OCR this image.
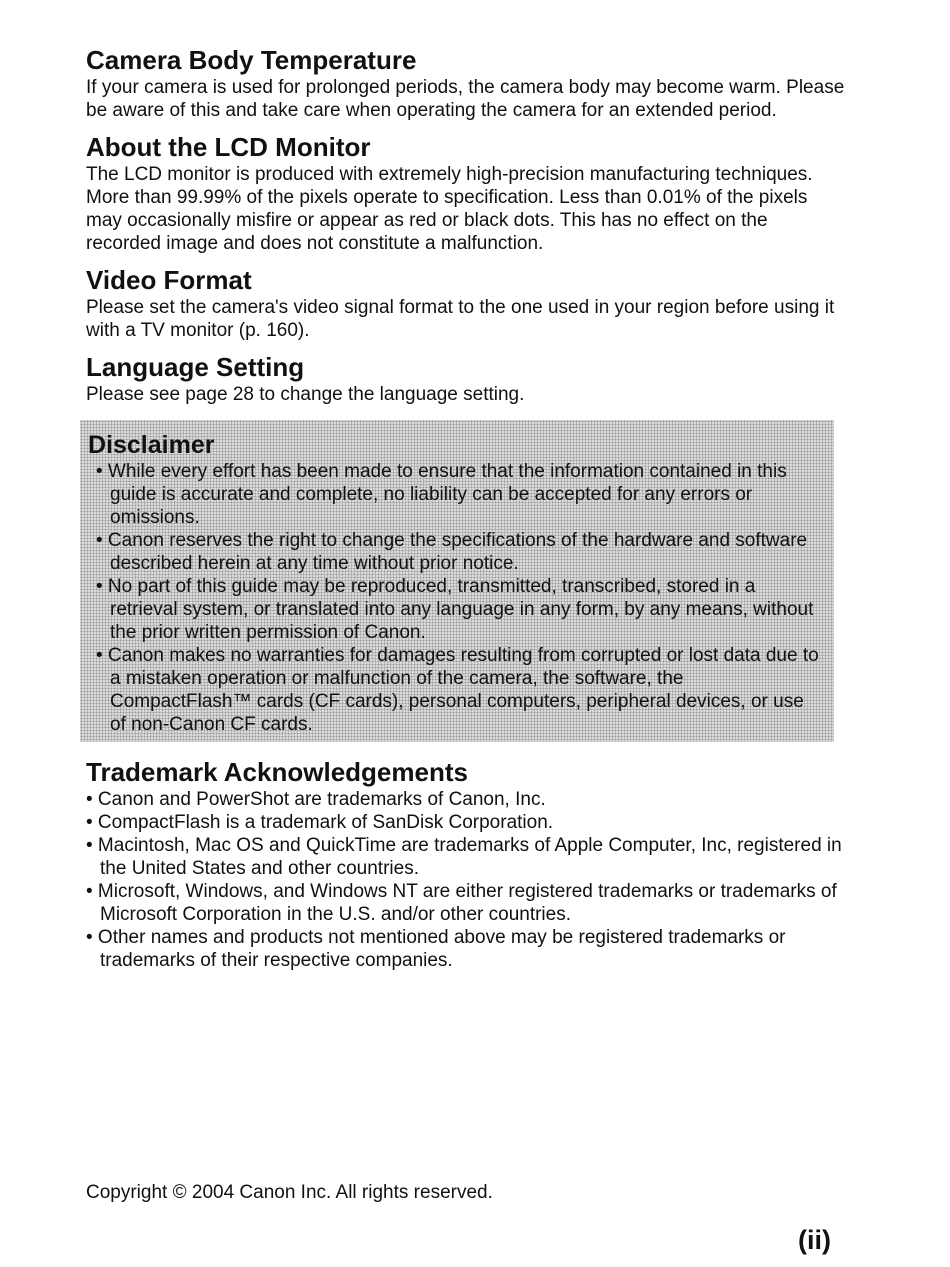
Camera Body Temperature

If your camera is used for prolonged periods, the camera body may become warm. Please be aware of this and take care when operating the camera for an extended period.

About the LCD Monitor

The LCD monitor is produced with extremely high-precision manufacturing techniques. More than 99.99% of the pixels operate to specification. Less than 0.01% of the pixels may occasionally misfire or appear as red or black dots. This has no effect on the recorded image and does not constitute a malfunction.

Video Format

Please set the camera's video signal format to the one used in your region before using it with a TV monitor (p. 160).

Language Setting

Please see page 28 to change the language setting.

Disclaimer
• While every effort has been made to ensure that the information contained in this guide is accurate and complete, no liability can be accepted for any errors or omissions.
• Canon reserves the right to change the specifications of the hardware and software described herein at any time without prior notice.
• No part of this guide may be reproduced, transmitted, transcribed, stored in a retrieval system, or translated into any language in any form, by any means, without the prior written permission of Canon.
• Canon makes no warranties for damages resulting from corrupted or lost data due to a mistaken operation or malfunction of the camera, the software, the CompactFlash™ cards (CF cards), personal computers, peripheral devices, or use of non-Canon CF cards.
Trademark Acknowledgements
• Canon and PowerShot are trademarks of Canon, Inc.
• CompactFlash is a trademark of SanDisk Corporation.
• Macintosh, Mac OS and QuickTime are trademarks of Apple Computer, Inc, registered in the United States and other countries.
• Microsoft, Windows, and Windows NT are either registered trademarks or trademarks of Microsoft Corporation in the U.S. and/or other countries.
• Other names and products not mentioned above may be registered trademarks or trademarks of their respective companies.

Copyright © 2004 Canon Inc. All rights reserved.

(ii)
